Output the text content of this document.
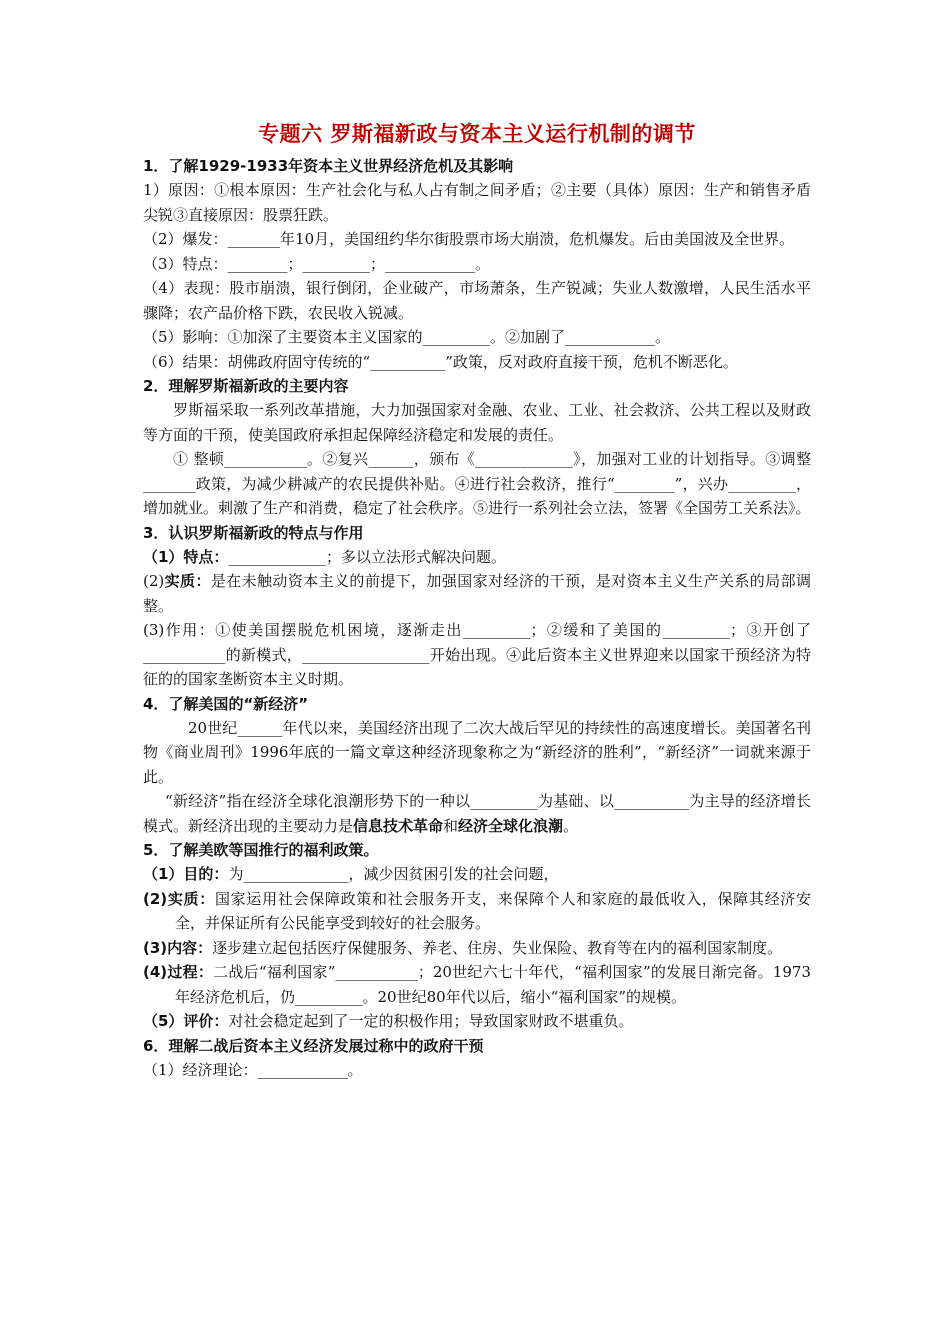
专题六 罗斯福新政与资本主义运行机制的调节

1．了解1929-1933年资本主义世界经济危机及其影响

1）原因：①根本原因：生产社会化与私人占有制之间矛盾；②主要（具体）原因：生产和销售矛盾尖锐③直接原因：股票狂跌。

（2）爆发：_______年10月，美国纽约华尔街股票市场大崩溃，危机爆发。后由美国波及全世界。

（3）特点：________；_________；____________。

（4）表现：股市崩溃，银行倒闭，企业破产，市场萧条，生产锐减；失业人数激增，人民生活水平骤降；农产品价格下跌，农民收入锐减。

（5）影响：①加深了主要资本主义国家的_________。②加剧了____________。

（6）结果：胡佛政府固守传统的“__________”政策，反对政府直接干预，危机不断恶化。

2．理解罗斯福新政的主要内容

罗斯福采取一系列改革措施，大力加强国家对金融、农业、工业、社会救济、公共工程以及财政等方面的干预，使美国政府承担起保障经济稳定和发展的责任。

① 整顿___________。②复兴______，颁布《_____________》，加强对工业的计划指导。③调整_______政策，为减少耕减产的农民提供补贴。④进行社会救济，推行“________”，兴办_________，增加就业。刺激了生产和消费，稳定了社会秩序。⑤进行一系列社会立法，签署《全国劳工关系法》。

3．认识罗斯福新政的特点与作用

（1）特点：_____________；多以立法形式解决问题。

(2)实质：是在未触动资本主义的前提下，加强国家对经济的干预，是对资本主义生产关系的局部调整。

(3)作用：①使美国摆脱危机困境，逐渐走出_________；②缓和了美国的_________；③开创了___________的新模式，_________________开始出现。④此后资本主义世界迎来以国家干预经济为特征的的国家垄断资本主义时期。

4．了解美国的“新经济”

20世纪______年代以来，美国经济出现了二次大战后罕见的持续性的高速度增长。美国著名刊物《商业周刊》1996年底的一篇文章这种经济现象称之为“新经济的胜利”，“新经济”一词就来源于此。

“新经济”指在经济全球化浪潮形势下的一种以_________为基础、以__________为主导的经济增长模式。新经济出现的主要动力是信息技术革命和经济全球化浪潮。

5．了解美欧等国推行的福利政策。

（1）目的：为______________，减少因贫困引发的社会问题，

(2)实质：国家运用社会保障政策和社会服务开支，来保障个人和家庭的最低收入，保障其经济安全，并保证所有公民能享受到较好的社会服务。

(3)内容：逐步建立起包括医疗保健服务、养老、住房、失业保险、教育等在内的福利国家制度。

(4)过程：二战后“福利国家”___________；20世纪六七十年代，“福利国家”的发展日渐完备。1973年经济危机后，仍_________。20世纪80年代以后，缩小“福利国家”的规模。

（5）评价：对社会稳定起到了一定的积极作用；导致国家财政不堪重负。

6．理解二战后资本主义经济发展过称中的政府干预

（1）经济理论：____________。
